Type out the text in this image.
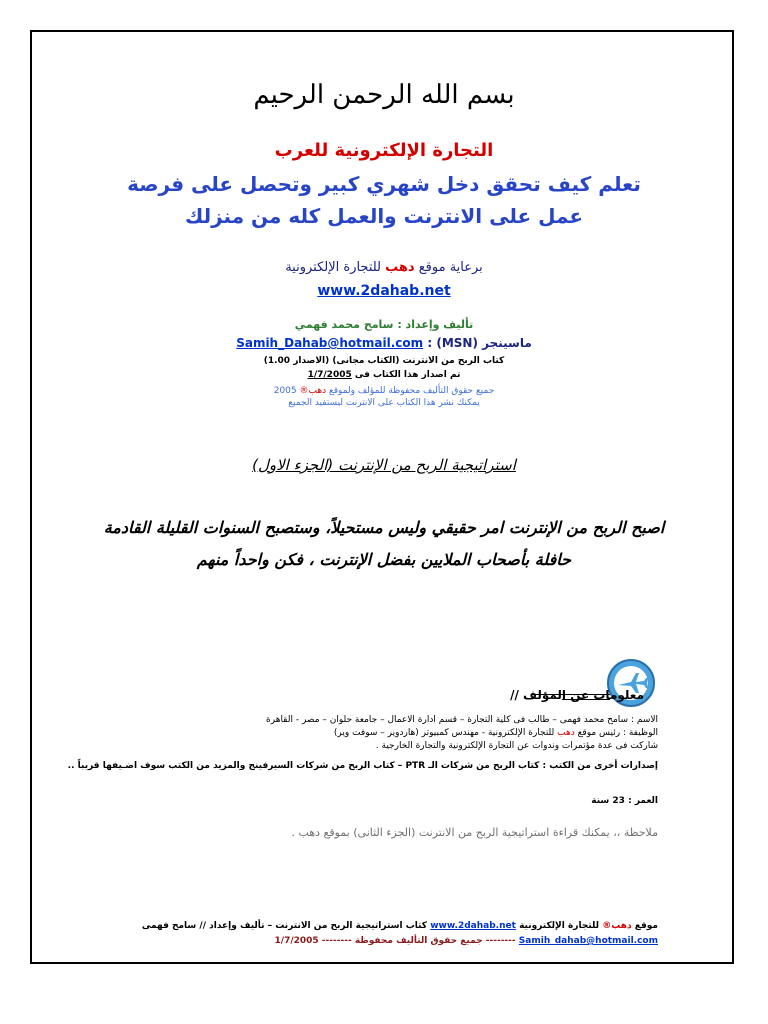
بسم الله الرحمن الرحيم
التجارة الإلكترونية للعرب
تعلم كيف تحقق دخل شهري كبير وتحصل على فرصة عمل على الانترنت والعمل كله من منزلك
برعاية موقع دهب للتجارة الإلكترونية
www.2dahab.net
تأليف وإعداد : سامح محمد فهمي
ماسينجر (MSN) : Samih_Dahab@hotmail.com
كتاب الربح من الانترنت (الكتاب مجانى) (الاصدار 1.00)
تم اصدار هذا الكتاب فى 1/7/2005
جميع حقوق التأليف محفوظة للمؤلف ولموقع دهب® 2005
يمكنك نشر هذا الكتاب على الانترنت ليستفيد الجميع
استراتيجية الربح من الإنترنت (الجزء الاول)
اصبح الربح من الإنترنت امر حقيقي وليس مستحيلاً، وستصبح السنوات القليلة القادمة حافلة بأصحاب الملايين بفضل الإنترنت ، فكن واحداً منهم
معلومات عن المؤلف //
الاسم : سامح محمد فهمى – طالب فى كلية التجارة – قسم ادارة الاعمال – جامعة حلوان – مصر - القاهرة
الوظيفة : رئيس موقع دهب للتجارة الإلكترونية - مهندس كمبيوتر (هاردوير – سوفت وير)
شاركت فى عدة مؤتمرات وندوات عن التجارة الإلكترونية والتجارة الخارجية .
إصدارات أخرى من الكتب : كتاب الربح من شركات الـ PTR – كتاب الربح من شركات السيرفينج والمزيد من الكتب سوف اضـيفها قريباً ..
العمر : 23 سنة
ملاحظة ،، يمكنك قراءة استراتيجية الربح من الانترنت (الجزء الثانى) بموقع دهب .
موقع دهب® للتجارة الإلكترونية www.2dahab.net كتاب استراتيجية الربح من الانترنت – تأليف وإعداد // سامح فهمى
Samih_dahab@hotmail.com -------- جميع حقوق التأليف محفوظة -------- 1/7/2005
